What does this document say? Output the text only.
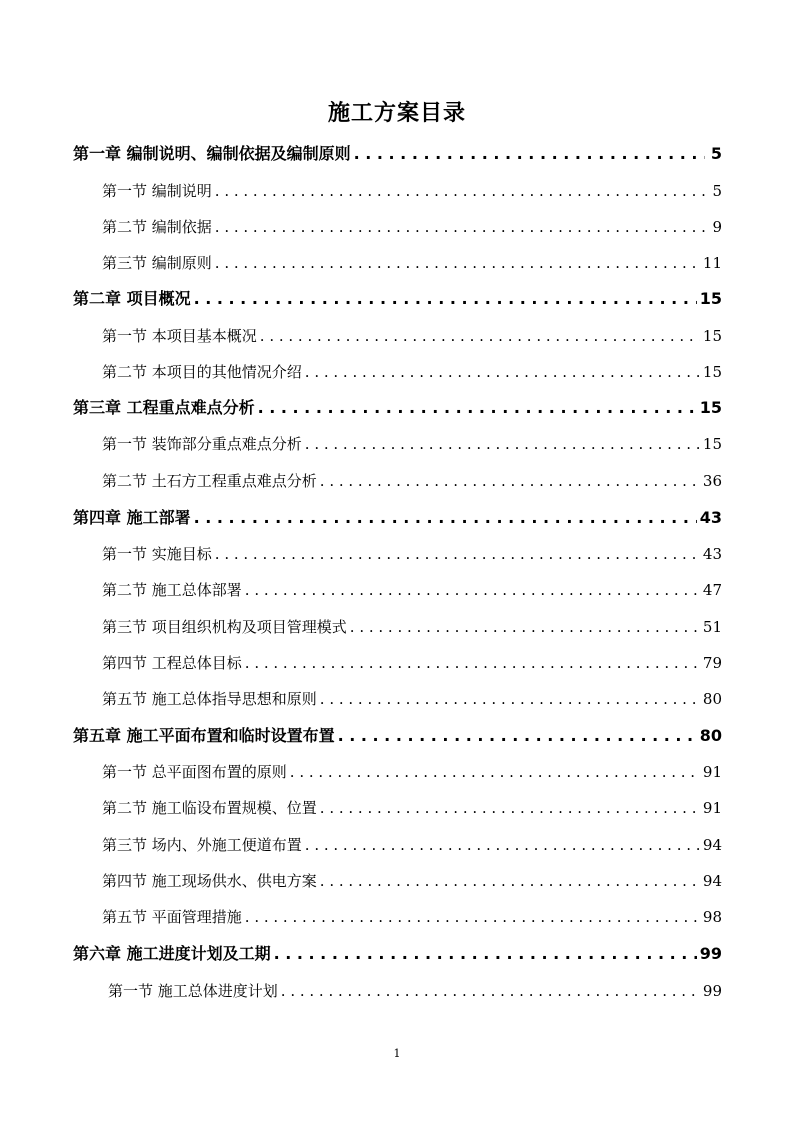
施工方案目录
第一章 编制说明、编制依据及编制原则 . . .	5
第一节 编制说明 . . .	5
第二节 编制依据 . . .	9
第三节 编制原则 . . .	11
第二章 项目概况 . . .	15
第一节 本项目基本概况 . . .	15
第二节 本项目的其他情况介绍 . . .	15
第三章 工程重点难点分析 . . .	15
第一节 装饰部分重点难点分析 . . .	15
第二节 土石方工程重点难点分析 . . .	36
第四章 施工部署 . . .	43
第一节 实施目标 . . .	43
第二节 施工总体部署 . . .	47
第三节 项目组织机构及项目管理模式 . . .	51
第四节 工程总体目标 . . .	79
第五节 施工总体指导思想和原则 . . .	80
第五章 施工平面布置和临时设置布置 . . .	80
第一节 总平面图布置的原则 . . .	91
第二节 施工临设布置规模、位置 . . .	91
第三节 场内、外施工便道布置 . . .	94
第四节 施工现场供水、供电方案 . . .	94
第五节 平面管理措施 . . .	98
第六章 施工进度计划及工期 . . .	99
第一节 施工总体进度计划 . . .	99
1
